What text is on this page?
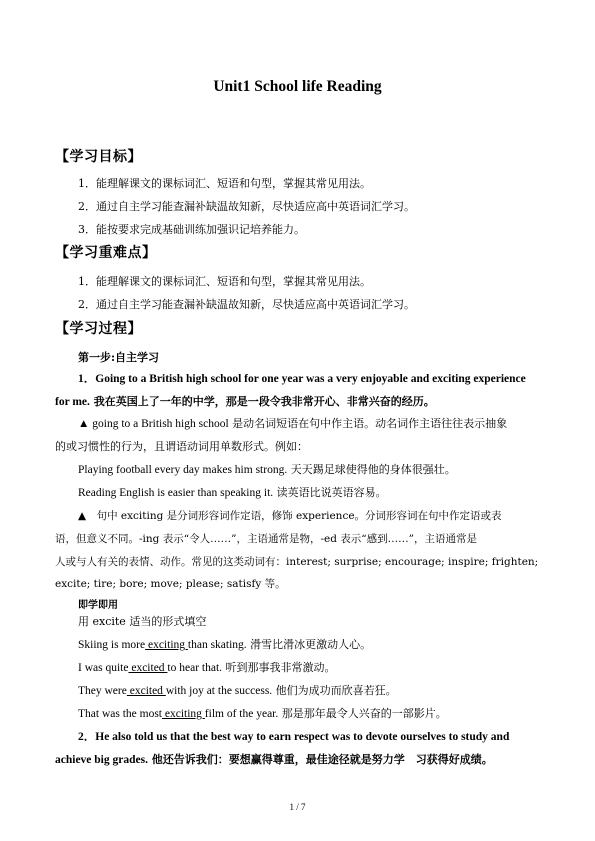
Unit1 School life Reading
【学习目标】
1．能理解课文的课标词汇、短语和句型，掌握其常见用法。
2．通过自主学习能查漏补缺温故知新，尽快适应高中英语词汇学习。
3．能按要求完成基础训练加强识记培养能力。
【学习重难点】
1．能理解课文的课标词汇、短语和句型，掌握其常见用法。
2．通过自主学习能查漏补缺温故知新，尽快适应高中英语词汇学习。
【学习过程】
第一步:自主学习
1．Going to a British high school for one year was a very enjoyable and exciting experience
for me. 我在英国上了一年的中学，那是一段令我非常开心、非常兴奋的经历。
▲ going to a British high school 是动名词短语在句中作主语。动名词作主语往往表示抽象
的或习惯性的行为，且谓语动词用单数形式。例如：
Playing football every day makes him strong. 天天踢足球使得他的身体很强壮。
Reading English is easier than speaking it. 读英语比说英语容易。
▲　句中 exciting 是分词形容词作定语，修饰 experience。分词形容词在句中作定语或表
语，但意义不同。-ing 表示“令人……”，主语通常是物，-ed 表示“感到……”，主语通常是
人或与人有关的表情、动作。常见的这类动词有：interest; surprise; encourage; inspire; frighten;
excite; tire; bore; move; please; satisfy 等。
即学即用
用 excite 适当的形式填空
Skiing is more exciting than skating. 滑雪比滑冰更激动人心。
I was quite excited to hear that. 听到那事我非常激动。
They were excited with joy at the success. 他们为成功而欣喜若狂。
That was the most exciting film of the year. 那是那年最令人兴奋的一部影片。
2．He also told us that the best way to earn respect was to devote ourselves to study and
achieve big grades. 他还告诉我们：要想赢得尊重，最佳途径就是努力学　习获得好成绩。
1 / 7
